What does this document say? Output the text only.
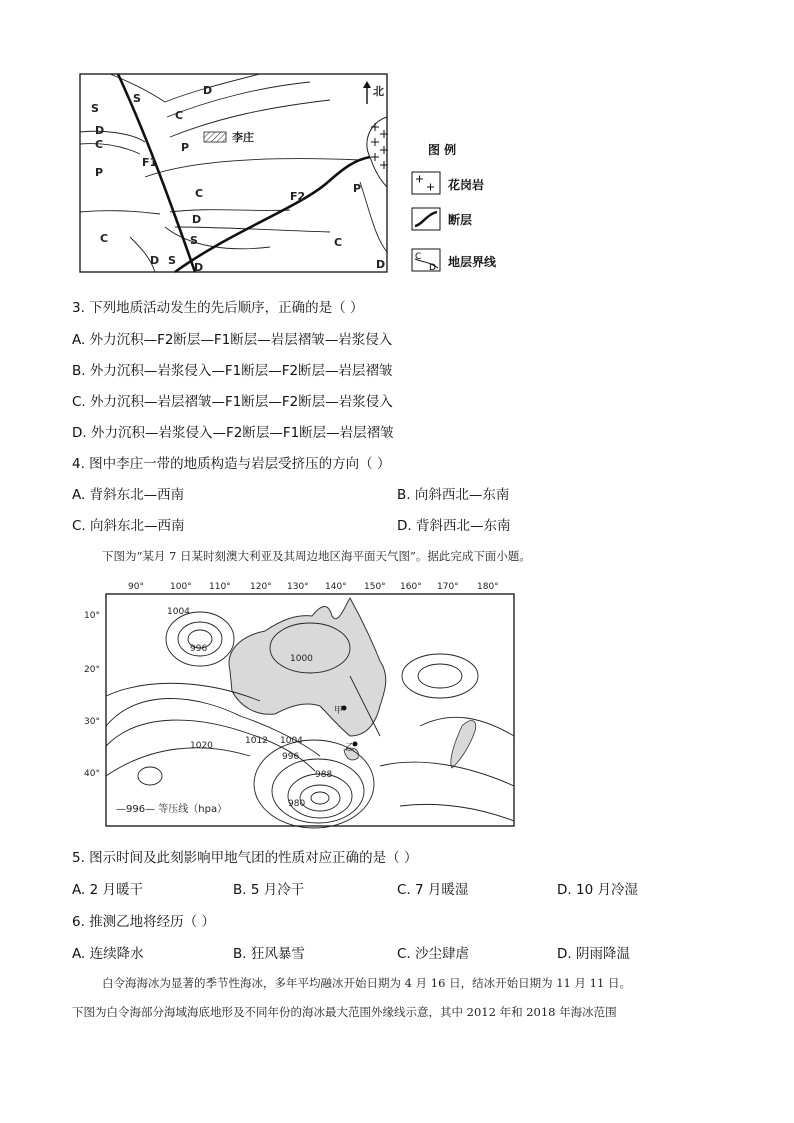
李庄
北
F1
F2
S
S
D
C
D
C
P
P
C
D S
C	P
C
D
S
D	D
图 例
花岗岩
断层
C
D 地层界线
3. 下列地质活动发生的先后顺序，正确的是（ ）
A. 外力沉积—F2断层—F1断层—岩层褶皱—岩浆侵入
B. 外力沉积—岩浆侵入—F1断层—F2断层—岩层褶皱
C. 外力沉积—岩层褶皱—F1断层—F2断层—岩浆侵入
D. 外力沉积—岩浆侵入—F2断层—F1断层—岩层褶皱
4. 图中李庄一带的地质构造与岩层受挤压的方向（ ）
A. 背斜东北—西南	B. 向斜西北—东南
C. 向斜东北—西南	D. 背斜西北—东南
下图为“某月 7 日某时刻澳大利亚及其周边地区海平面天气图”。据此完成下面小题。
90°	100° 110° 120° 130° 140° 150° 160° 170° 180°
10°
20°
30°
40°
1004
996
1000
1020	1012 1004
996
988
980
甲
乙
—996— 等压线（hpa）
5. 图示时间及此刻影响甲地气团的性质对应正确的是（ ）
A. 2 月暖干	B. 5 月冷干	C. 7 月暖湿	D. 10 月冷湿
6. 推测乙地将经历（ ）
A. 连续降水	B. 狂风暴雪	C. 沙尘肆虐	D. 阴雨降温
白令海海冰为显著的季节性海冰，多年平均融冰开始日期为 4 月 16 日，结冰开始日期为 11 月 11 日。
下图为白令海部分海域海底地形及不同年份的海冰最大范围外缘线示意，其中 2012 年和 2018 年海冰范围
